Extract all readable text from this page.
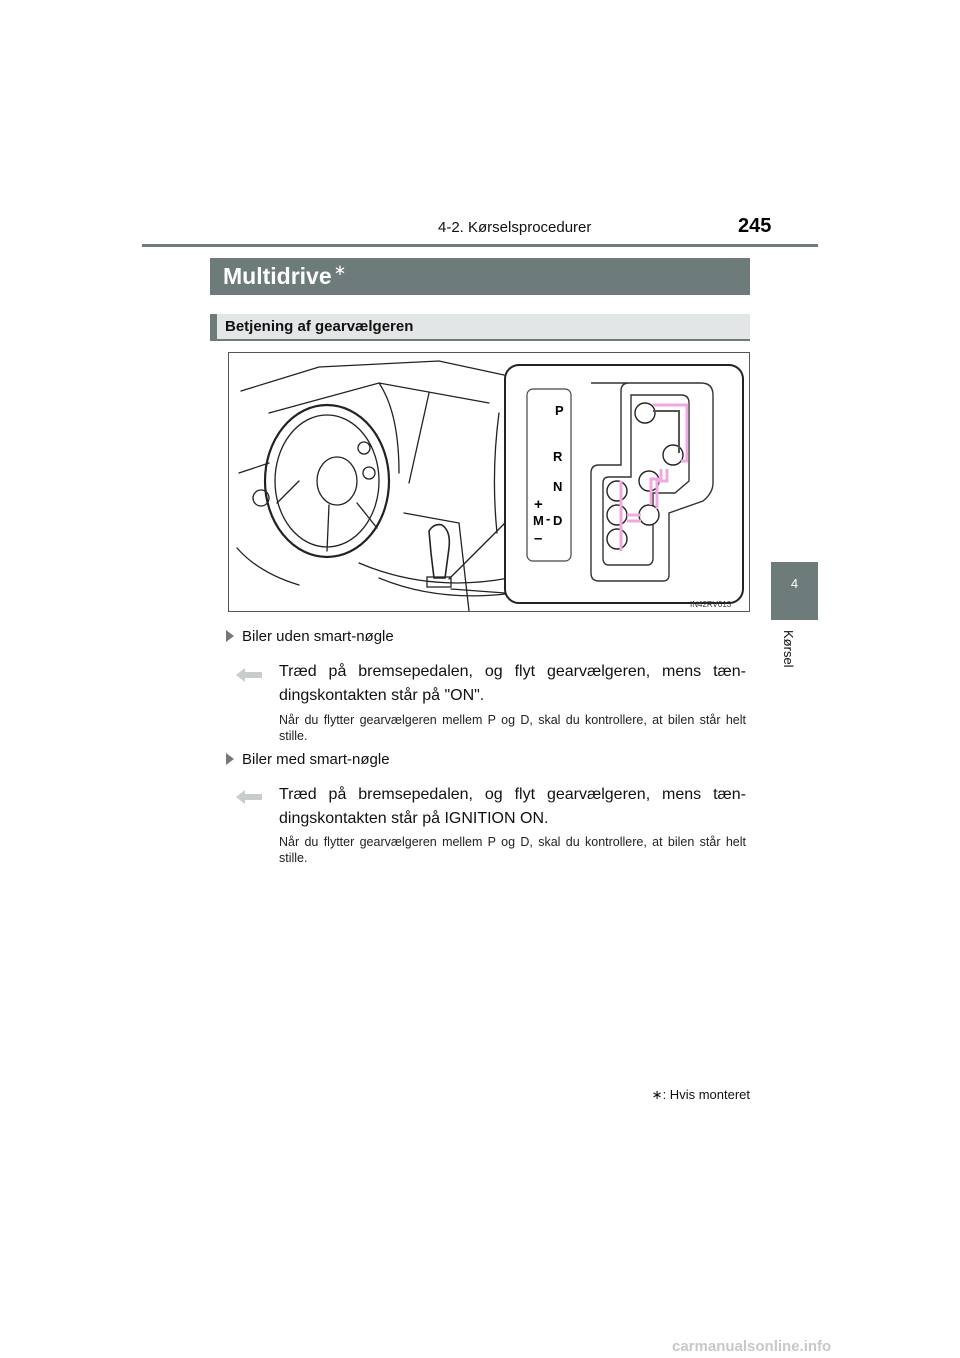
4-2. Kørselsprocedurer	245
4
Kørsel
Multidrive ∗
Betjening af gearvælgeren
P
R
N
+
M - D
–
IN42RV013
Biler uden smart-nøgle
Træd på bremsepedalen, og flyt gearvælgeren, mens tæn-dingskontakten står på "ON".
Når du flytter gearvælgeren mellem P og D, skal du kontrollere, at bilen står helt stille.
Biler med smart-nøgle
Træd på bremsepedalen, og flyt gearvælgeren, mens tæn-dingskontakten står på IGNITION ON.
Når du flytter gearvælgeren mellem P og D, skal du kontrollere, at bilen står helt stille.
∗: Hvis monteret
carmanualsonline.info
